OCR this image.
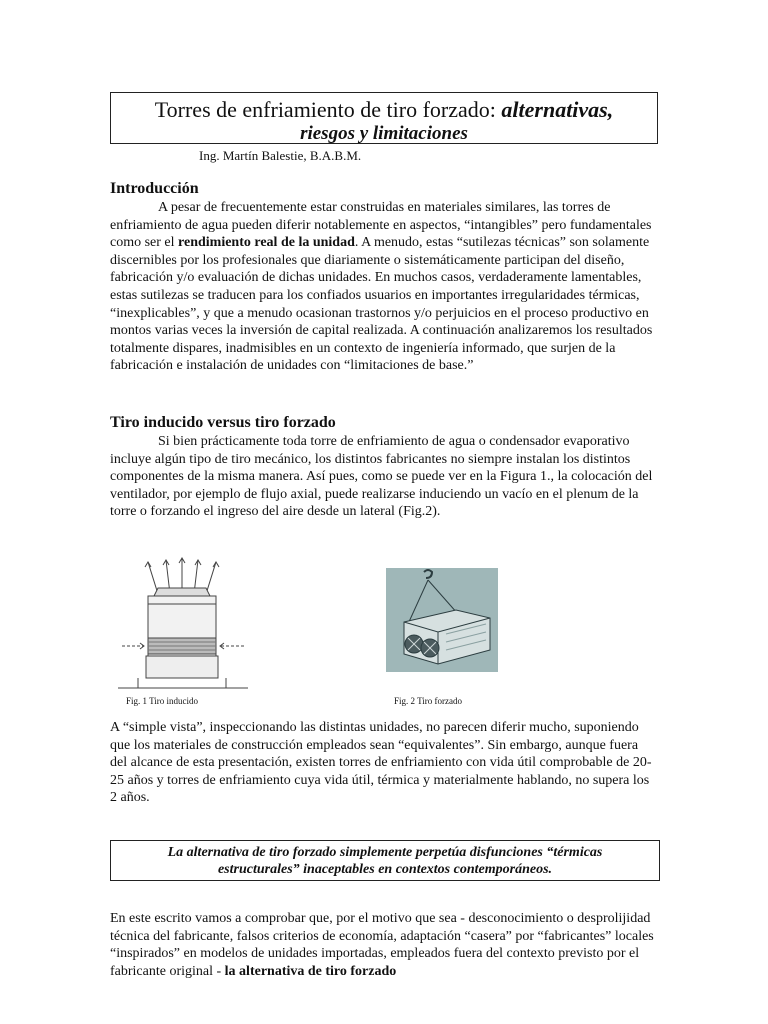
Torres de enfriamiento de tiro forzado: alternativas,
riesgos y limitaciones
Ing. Martín Balestie, B.A.B.M.
Introducción

A pesar de frecuentemente estar construidas en materiales similares, las torres de enfriamiento de agua pueden diferir notablemente en aspectos, “intangibles” pero fundamentales como ser el rendimiento real de la unidad. A menudo, estas “sutilezas técnicas” son solamente discernibles por los profesionales que diariamente o sistemáticamente participan del diseño, fabricación y/o evaluación de dichas unidades. En muchos casos, verdaderamente lamentables, estas sutilezas se traducen para los confiados usuarios en importantes irregularidades térmicas, “inexplicables”, y que a menudo ocasionan trastornos y/o perjuicios en el proceso productivo en montos varias veces la inversión de capital realizada. A continuación analizaremos los resultados totalmente dispares, inadmisibles en un contexto de ingeniería informado, que surjen de la fabricación e instalación de unidades con “limitaciones de base.”

Tiro inducido versus tiro forzado

Si bien prácticamente toda torre de enfriamiento de agua o condensador evaporativo incluye algún tipo de tiro mecánico, los distintos fabricantes no siempre instalan los distintos componentes de la misma manera. Así pues, como se puede ver en la Figura 1., la colocación del ventilador, por ejemplo de flujo axial, puede realizarse induciendo un vacío en el plenum de la torre o forzando el ingreso del aire desde un lateral (Fig.2).

Fig. 1 Tiro inducido	Fig. 2 Tiro forzado

A “simple vista”, inspeccionando las distintas unidades, no parecen diferir mucho, suponiendo que los materiales de construcción empleados sean “equivalentes”. Sin embargo, aunque fuera del alcance de esta presentación, existen torres de enfriamiento con vida útil comprobable de 20-25 años y torres de enfriamiento cuya vida útil, térmica y materialmente hablando, no supera los 2 años.

La alternativa de tiro forzado simplemente perpetúa disfunciones “térmicas estructurales” inaceptables en contextos contemporáneos.

En este escrito vamos a comprobar que, por el motivo que sea - desconocimiento o desprolijidad técnica del fabricante, falsos criterios de economía, adaptación “casera” por “fabricantes” locales “inspirados” en modelos de unidades importadas, empleados fuera del contexto previsto por el fabricante original - la alternativa de tiro forzado
